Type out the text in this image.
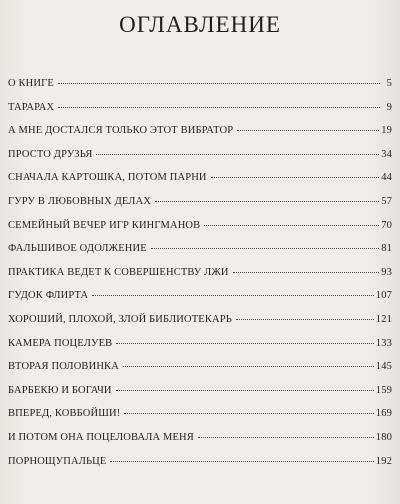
ОГЛАВЛЕНИЕ
О КНИГЕ	5
ТАРАРАХ	9
А МНЕ ДОСТАЛСЯ ТОЛЬКО ЭТОТ ВИБРАТОР	19
ПРОСТО ДРУЗЬЯ	34
СНАЧАЛА КАРТОШКА, ПОТОМ ПАРНИ	44
ГУРУ В ЛЮБОВНЫХ ДЕЛАХ	57
СЕМЕЙНЫЙ ВЕЧЕР ИГР КИНГМАНОВ	70
ФАЛЬШИВОЕ ОДОЛЖЕНИЕ	81
ПРАКТИКА ВЕДЕТ К СОВЕРШЕНСТВУ ЛЖИ	93
ГУДОК ФЛИРТА	107
ХОРОШИЙ, ПЛОХОЙ, ЗЛОЙ БИБЛИОТЕКАРЬ	121
КАМЕРА ПОЦЕЛУЕВ	133
ВТОРАЯ ПОЛОВИНКА	145
БАРБЕКЮ И БОГАЧИ	159
ВПЕРЕД, КОВБОЙШИ!	169
И ПОТОМ ОНА ПОЦЕЛОВАЛА МЕНЯ	180
ПОРНОЩУПАЛЬЦЕ	192
